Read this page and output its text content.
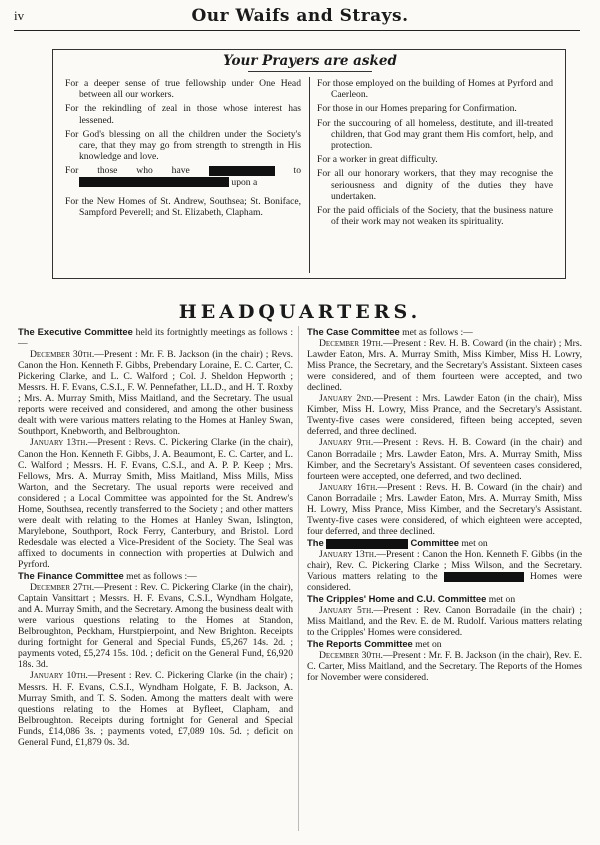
iv	Our Waifs and Strays.
Your Prayers are asked
For a deeper sense of true fellowship under One Head between all our workers.
For the rekindling of zeal in those whose interest has lessened.
For God's blessing on all the children under the Society's care, that they may go from strength to strength in His knowledge and love.
For those who have	to  upon a
For the New Homes of St. Andrew, Southsea; St. Boniface, Sampford Peverell; and St. Elizabeth, Clapham.
For those employed on the building of Homes at Pyrford and Caerleon.
For those in our Homes preparing for Confirmation.
For the succouring of all homeless, destitute, and ill-treated children, that God may grant them His comfort, help, and protection.
For a worker in great difficulty.
For all our honorary workers, that they may recognise the seriousness and dignity of the duties they have undertaken.
For the paid officials of the Society, that the business nature of their work may not weaken its spirituality.
HEADQUARTERS.

The Executive Committee held its fortnightly meetings as follows :—

December 30th.—Present : Mr. F. B. Jackson (in the chair) ; Revs. Canon the Hon. Kenneth F. Gibbs, Prebendary Loraine, E. C. Carter, C. Pickering Clarke, and L. C. Walford ; Col. J. Sheldon Hepworth ; Messrs. H. F. Evans, C.S.I., F. W. Pennefather, LL.D., and H. T. Roxby ; Mrs. A. Murray Smith, Miss Maitland, and the Secretary. The usual reports were received and considered, and among the other business dealt with were various matters relating to the Homes at Hanley Swan, Southport, Knebworth, and Belbroughton.

January 13th.—Present : Revs. C. Pickering Clarke (in the chair), Canon the Hon. Kenneth F. Gibbs, J. A. Beaumont, E. C. Carter, and L. C. Walford ; Messrs. H. F. Evans, C.S.I., and A. P. P. Keep ; Mrs. Fellows, Mrs. A. Murray Smith, Miss Maitland, Miss Mills, Miss Warton, and the Secretary. The usual reports were received and considered ; a Local Committee was appointed for the St. Andrew's Home, Southsea, recently transferred to the Society ; and other matters were dealt with relating to the Homes at Hanley Swan, Islington, Marylebone, Southport, Rock Ferry, Canterbury, and Bristol. Lord Redesdale was elected a Vice-President of the Society. The Seal was affixed to documents in connection with properties at Dulwich and Pyrford.

The Finance Committee met as follows :—

December 27th.—Present : Rev. C. Pickering Clarke (in the chair), Captain Vansittart ; Messrs. H. F. Evans, C.S.I., Wyndham Holgate, and A. Murray Smith, and the Secretary. Among the business dealt with were various questions relating to the Homes at Standon, Belbroughton, Peckham, Hurstpierpoint, and New Brighton. Receipts during fortnight for General and Special Funds, £5,267 14s. 2d. ; payments voted, £5,274 15s. 10d. ; deficit on the General Fund, £6,920 18s. 3d.

January 10th.—Present : Rev. C. Pickering Clarke (in the chair) ; Messrs. H. F. Evans, C.S.I., Wyndham Holgate, F. B. Jackson, A. Murray Smith, and T. S. Soden. Among the matters dealt with were questions relating to the Homes at Byfleet, Clapham, and Belbroughton. Receipts during fortnight for General and Special Funds, £14,086 3s. ; payments voted, £7,089 10s. 5d. ; deficit on General Fund, £1,879 0s. 3d.

The Case Committee met as follows :—

December 19th.—Present : Rev. H. B. Coward (in the chair) ; Mrs. Lawder Eaton, Mrs. A. Murray Smith, Miss Kimber, Miss H. Lowry, Miss Prance, the Secretary, and the Secretary's Assistant. Sixteen cases were considered, and of them fourteen were accepted, and two declined.

January 2nd.—Present : Mrs. Lawder Eaton (in the chair), Miss Kimber, Miss H. Lowry, Miss Prance, and the Secretary's Assistant. Twenty-five cases were considered, fifteen being accepted, seven deferred, and three declined.

January 9th.—Present : Revs. H. B. Coward (in the chair) and Canon Borradaile ; Mrs. Lawder Eaton, Mrs. A. Murray Smith, Miss Kimber, and the Secretary's Assistant. Of seventeen cases considered, fourteen were accepted, one deferred, and two declined.

January 16th.—Present : Revs. H. B. Coward (in the chair) and Canon Borradaile ; Mrs. Lawder Eaton, Mrs. A. Murray Smith, Miss H. Lowry, Miss Prance, Miss Kimber, and the Secretary's Assistant. Twenty-five cases were considered, of which eighteen were accepted, four deferred, and three declined.

The	Committee met on

January 13th.—Present : Canon the Hon. Kenneth F. Gibbs (in the chair), Rev. C. Pickering Clarke ; Miss Wilson, and the Secretary. Various matters relating to the	Homes were considered.

The Cripples' Home and C.U. Committee met on

January 5th.—Present : Rev. Canon Borradaile (in the chair) ; Miss Maitland, and the Rev. E. de M. Rudolf. Various matters relating to the Cripples' Homes were considered.

The Reports Committee met on

December 30th.—Present : Mr. F. B. Jackson (in the chair), Rev. E. C. Carter, Miss Maitland, and the Secretary. The Reports of the Homes for November were considered.
